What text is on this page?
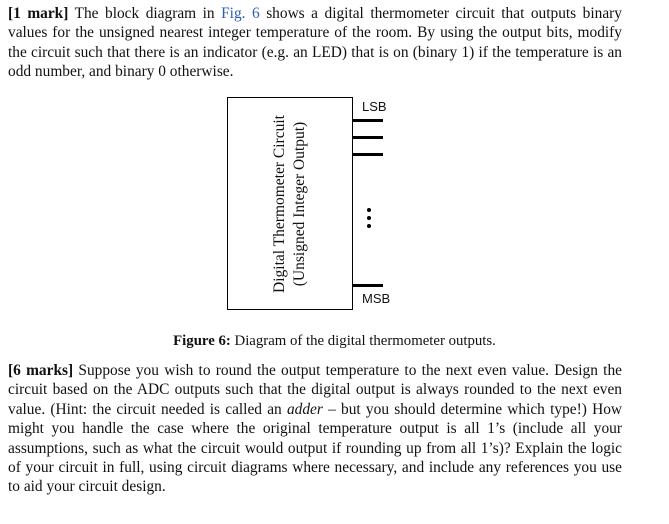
[1 mark] The block diagram in Fig. 6 shows a digital thermometer circuit that outputs binary values for the unsigned nearest integer temperature of the room. By using the output bits, modify the circuit such that there is an indicator (e.g. an LED) that is on (binary 1) if the temperature is an odd number, and binary 0 otherwise.

Digital Thermometer Circuit (Unsigned Integer Output)
LSB
MSB
Figure 6: Diagram of the digital thermometer outputs.

[6 marks] Suppose you wish to round the output temperature to the next even value. Design the circuit based on the ADC outputs such that the digital output is always rounded to the next even value. (Hint: the circuit needed is called an adder – but you should determine which type!) How might you handle the case where the original temperature output is all 1’s (include all your assumptions, such as what the circuit would output if rounding up from all 1’s)? Explain the logic of your circuit in full, using circuit diagrams where necessary, and include any references you use to aid your circuit design.
